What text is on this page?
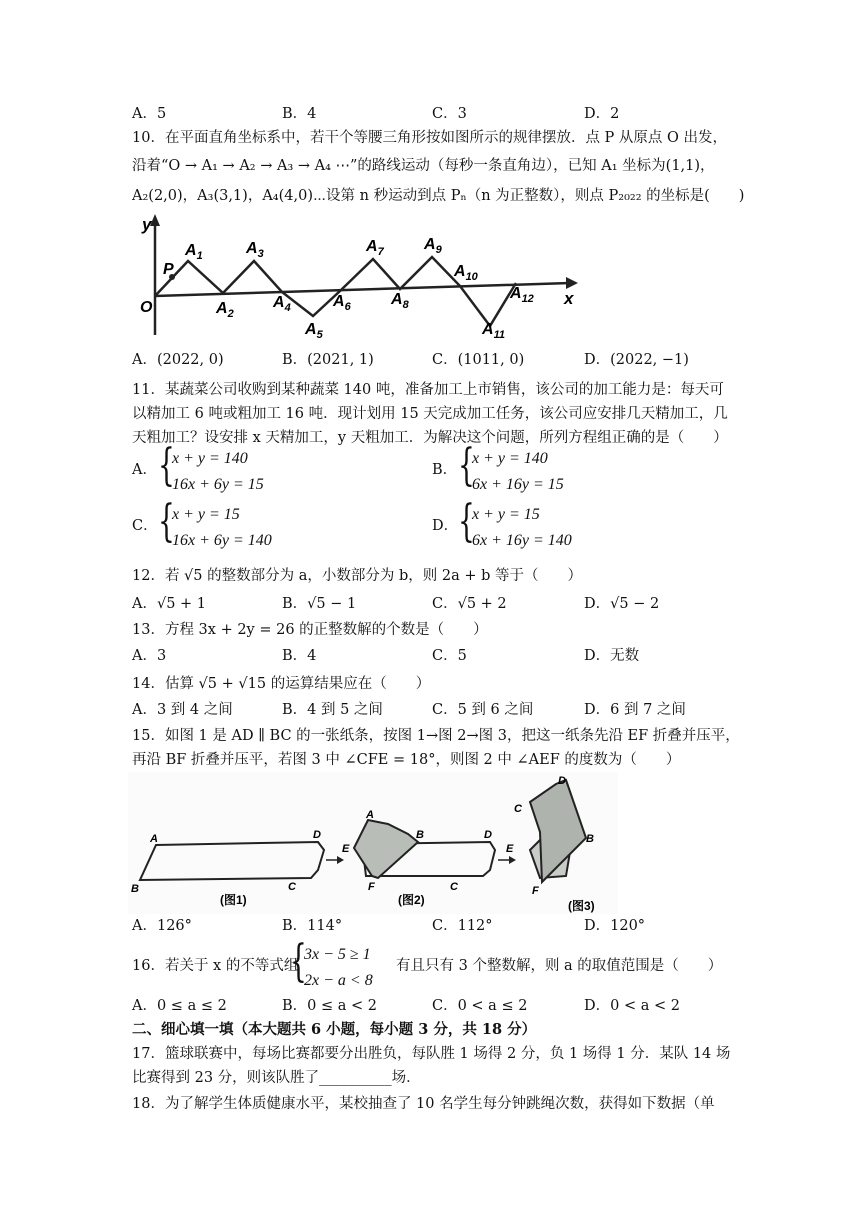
A．5	B．4	C．3	D．2
10．在平面直角坐标系中，若干个等腰三角形按如图所示的规律摆放．点 P 从原点 O 出发，
沿着“O → A₁ → A₂ → A₃ → A₄ ⋯”的路线运动（每秒一条直角边），已知 A₁ 坐标为(1,1)，
A₂(2,0)，A₃(3,1)，A₄(4,0)⋯设第 n 秒运动到点 Pₙ（n 为正整数），则点 P₂₀₂₂ 的坐标是(　　)
y
x
O
P
$A_1$
$A_2$
$A_3$
$A_4$
$A_5$
$A_6$
$A_7$
$A_8$
$A_9$
$A_{10}$
$A_{11}$
$A_{12}$
A．(2022, 0)	B．(2021, 1)	C．(1011, 0)	D．(2022, −1)
11．某蔬菜公司收购到某种蔬菜 140 吨，准备加工上市销售，该公司的加工能力是：每天可
以精加工 6 吨或粗加工 16 吨．现计划用 15 天完成加工任务，该公司应安排几天精加工，几
天粗加工？设安排 x 天精加工，y 天粗加工．为解决这个问题，所列方程组正确的是（　　）
A． {
x + y = 140
16x + 6y = 15
B． {
x + y = 140
6x + 16y = 15
C． {
x + y = 15
16x + 6y = 140
D． {
x + y = 15
6x + 16y = 140
12．若 √5 的整数部分为 a，小数部分为 b，则 2a + b 等于（　　）
A．√5 + 1	B．√5 − 1	C．√5 + 2	D．√5 − 2
13．方程 3x + 2y = 26 的正整数解的个数是（　　）
A．3	B．4	C．5	D．无数
14．估算 √5 + √15 的运算结果应在（　　）
A．3 到 4 之间	B．4 到 5 之间	C．5 到 6 之间	D．6 到 7 之间
15．如图 1 是 AD ∥ BC 的一张纸条，按图 1→图 2→图 3，把这一纸条先沿 EF 折叠并压平，
再沿 BF 折叠并压平，若图 3 中 ∠CFE = 18°，则图 2 中 ∠AEF 的度数为（　　）
A	D
B	C
(图1)
A
B
E
D
F	C
(图2)
C
D
B
E
F
(图3)
A．126°	B．114°	C．112°	D．120°
16．若关于 x 的不等式组
{
3x − 5 ≥ 1
2x − a < 8
有且只有 3 个整数解，则 a 的取值范围是（　　）
A．0 ≤ a ≤ 2	B．0 ≤ a < 2	C．0 < a ≤ 2	D．0 < a < 2
二、细心填一填（本大题共 6 小题，每小题 3 分，共 18 分）
17．篮球联赛中，每场比赛都要分出胜负，每队胜 1 场得 2 分，负 1 场得 1 分．某队 14 场
比赛得到 23 分，则该队胜了__________场．
18．为了解学生体质健康水平，某校抽查了 10 名学生每分钟跳绳次数，获得如下数据（单
